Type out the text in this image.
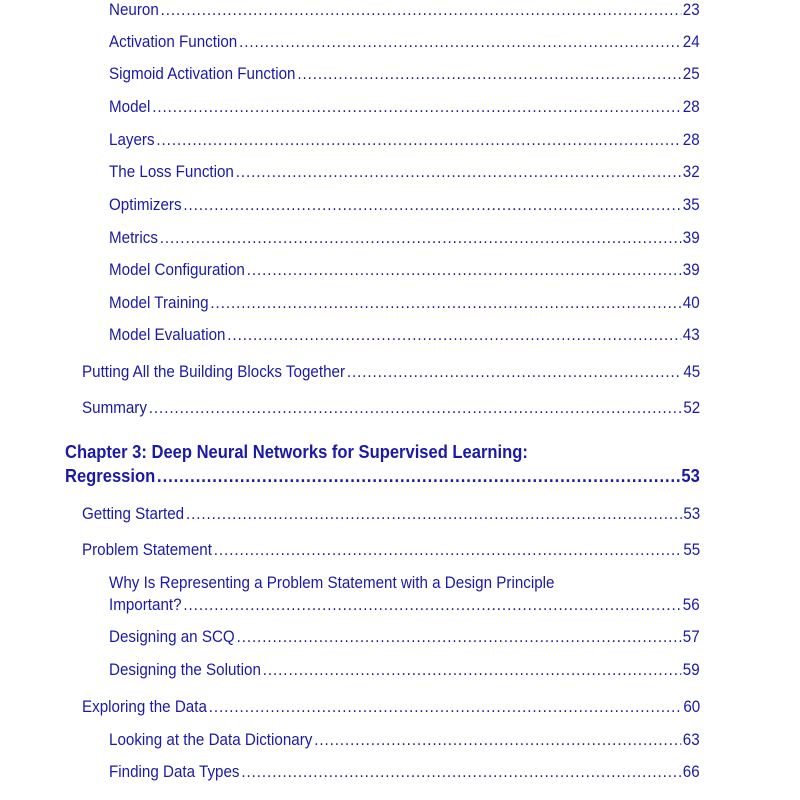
Neuron .....	23
Activation Function .....	24
Sigmoid Activation Function .....	25
Model .....	28
Layers .....	28
The Loss Function .....	32
Optimizers .....	35
Metrics .....	39
Model Configuration .....	39
Model Training .....	40
Model Evaluation .....	43
Putting All the Building Blocks Together .....	45
Summary .....	52
Chapter 3: Deep Neural Networks for Supervised Learning:
Regression .....	53
Getting Started .....	53
Problem Statement .....	55
Why Is Representing a Problem Statement with a Design Principle
Important? .....	56
Designing an SCQ .....	57
Designing the Solution .....	59
Exploring the Data .....	60
Looking at the Data Dictionary .....	63
Finding Data Types .....	66
